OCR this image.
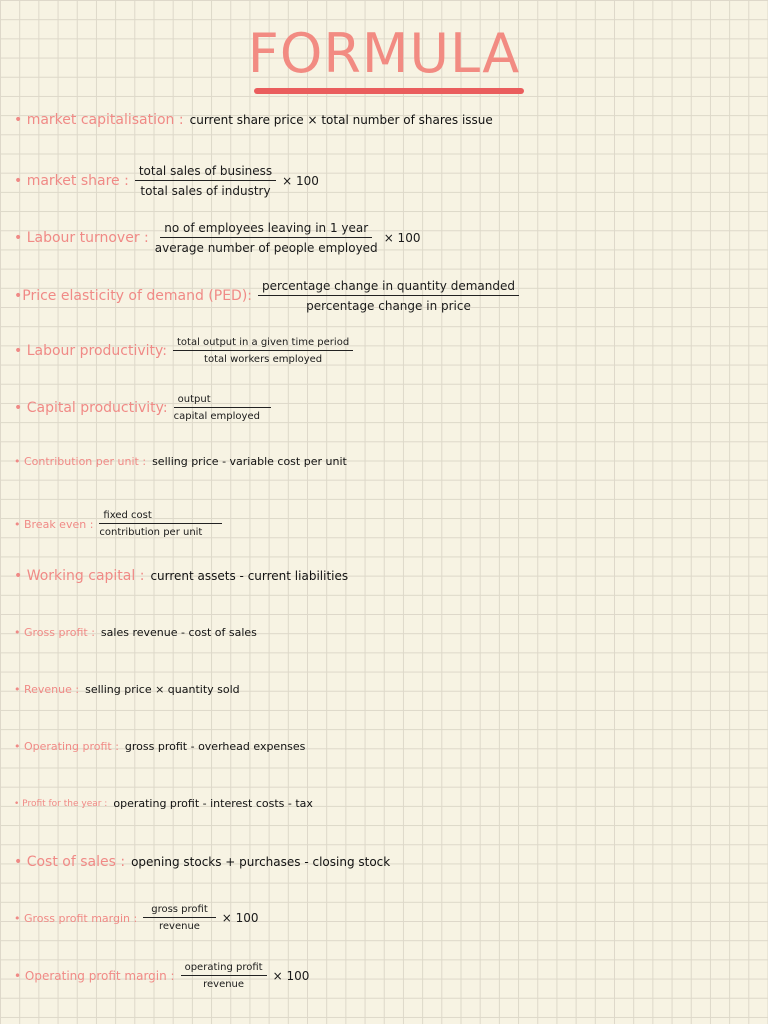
FORMULA
• market capitalisation : current share price × total number of shares issue
• market share : $\frac{\text{total sales of business}}{\text{total sales of industry}} \times 100$
• Labour turnover : $\frac{\text{no of employees leaving in 1 year}}{\text{average number of people employed}} \times 100$
•Price elasticity of demand (PED): $\frac{\text{percentage change in quantity demanded}}{\text{percentage change in price}}$
• Labour productivity: $\frac{\text{total output in a given time period}}{\text{total workers employed}}$
• Capital productivity: $\frac{\text{output}}{\text{capital employed}}$
• Contribution per unit : selling price - variable cost per unit
• Break even : $\frac{\text{fixed cost}}{\text{contribution per unit}}$
• Working capital : current assets - current liabilities
• Gross profit : sales revenue - cost of sales
• Revenue : selling price × quantity sold
• Operating profit : gross profit - overhead expenses
• Profit for the year : operating profit - interest costs - tax
• Cost of sales : opening stocks + purchases - closing stock
• Gross profit margin : $\frac{\text{gross profit}}{\text{revenue}} \times 100$
• Operating profit margin : $\frac{\text{operating profit}}{\text{revenue}} \times 100$
